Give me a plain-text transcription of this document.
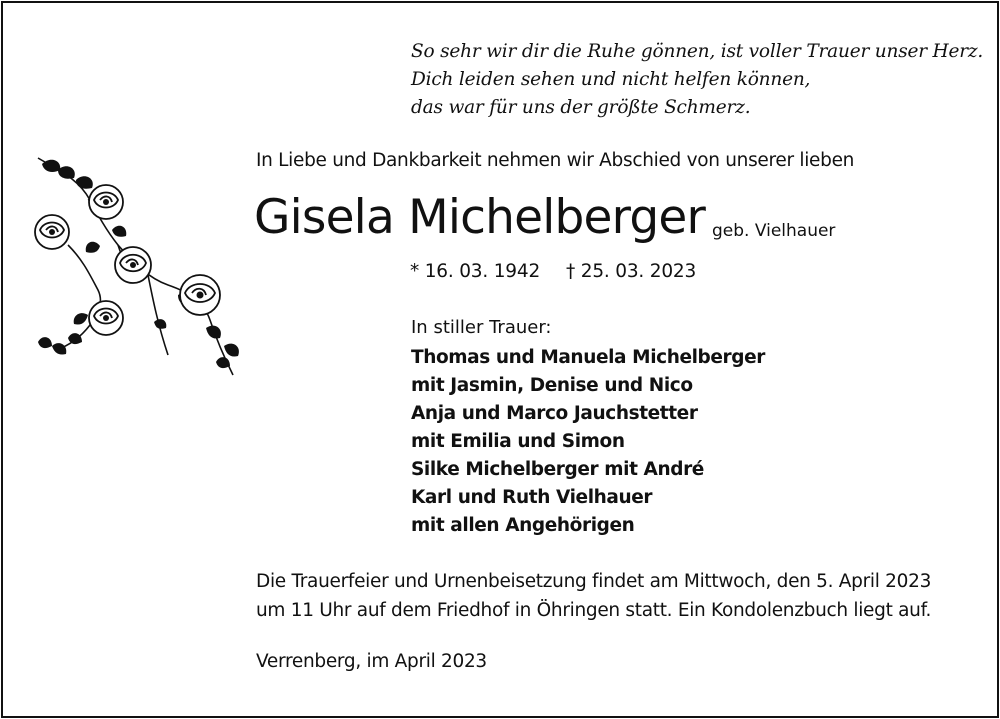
So sehr wir dir die Ruhe gönnen, ist voller Trauer unser Herz.
Dich leiden sehen und nicht helfen können,
das war für uns der größte Schmerz.
In Liebe und Dankbarkeit nehmen wir Abschied von unserer lieben
Gisela Michelberger geb. Vielhauer
* 16. 03. 1942 † 25. 03. 2023
In stiller Trauer:
Thomas und Manuela Michelberger
mit Jasmin, Denise und Nico
Anja und Marco Jauchstetter
mit Emilia und Simon
Silke Michelberger mit André
Karl und Ruth Vielhauer
mit allen Angehörigen
Die Trauerfeier und Urnenbeisetzung findet am Mittwoch, den 5. April 2023
um 11 Uhr auf dem Friedhof in Öhringen statt. Ein Kondolenzbuch liegt auf.
Verrenberg, im April 2023
